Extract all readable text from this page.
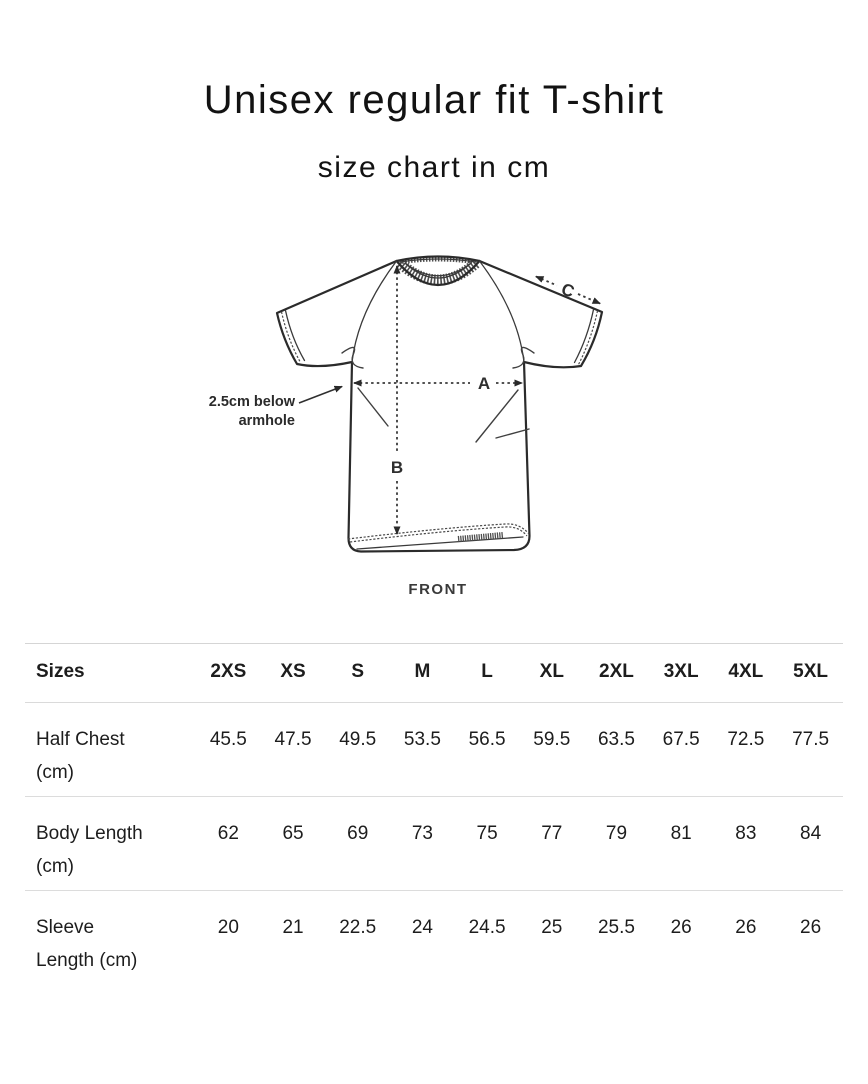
Unisex regular fit T-shirt
size chart in cm
A
B
C
2.5cm below
armhole
FRONT
Sizes	2XS	XS	S	M	L	XL	2XL	3XL	4XL	5XL
Half Chest (cm)	45.5	47.5	49.5	53.5	56.5	59.5	63.5	67.5	72.5	77.5
Body Length (cm)	62	65	69	73	75	77	79	81	83	84
Sleeve Length (cm)	20	21	22.5	24	24.5	25	25.5	26	26	26
